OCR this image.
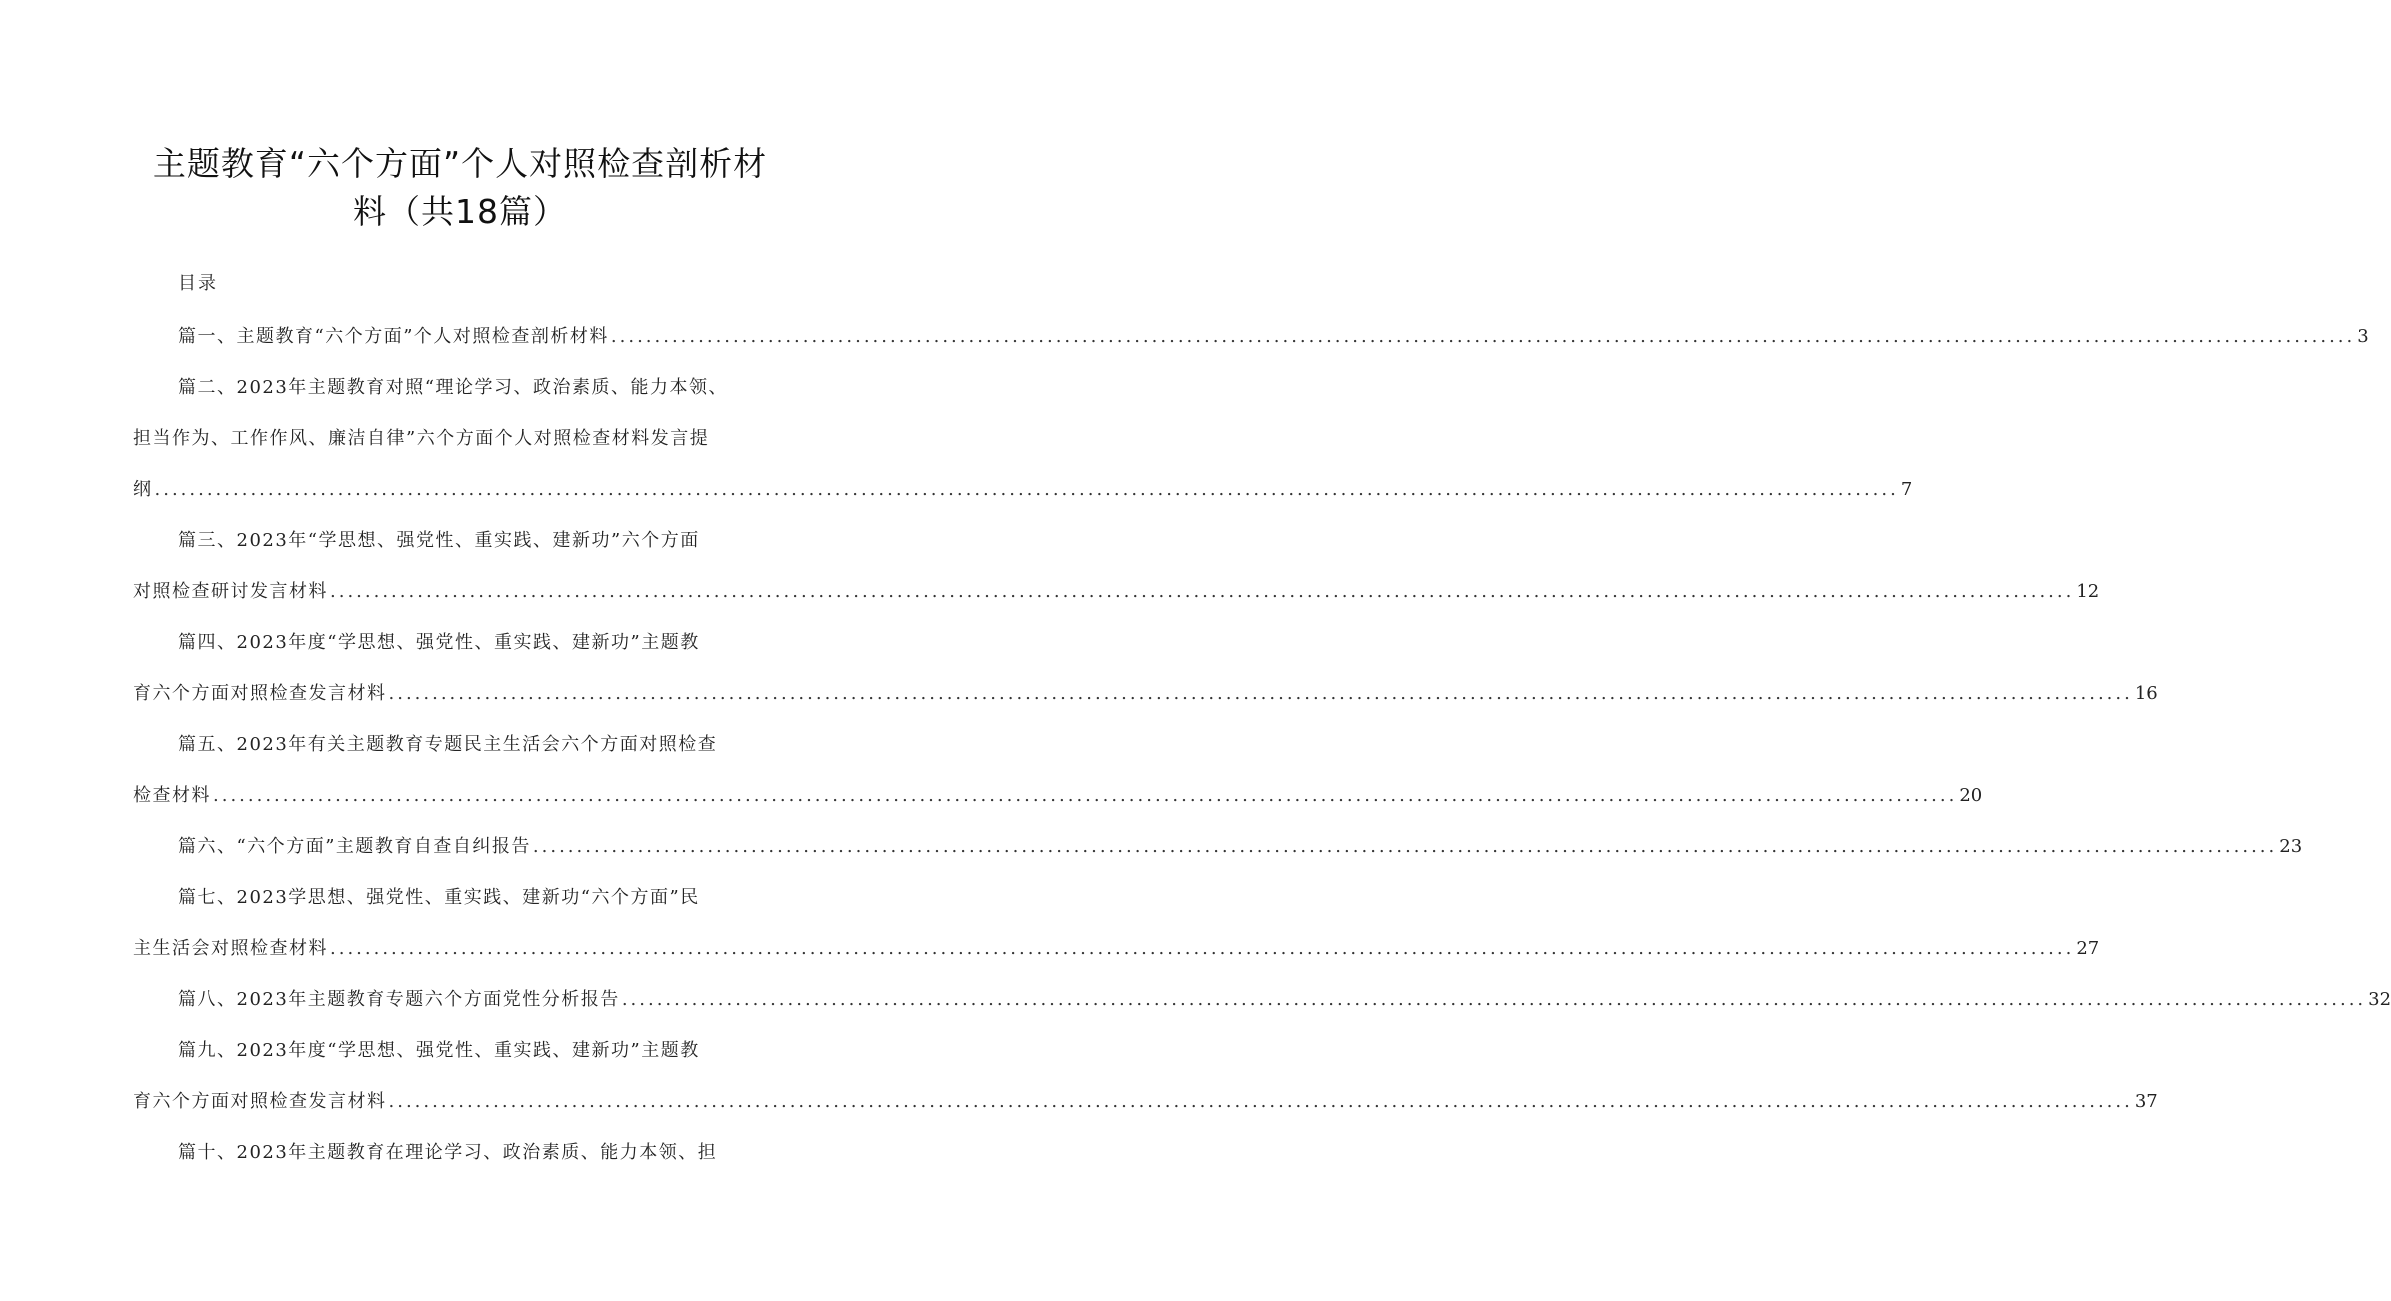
主题教育“六个方面”个人对照检查剖析材
料（共18篇）
目录
篇一、主题教育“六个方面”个人对照检查剖析材料 ........................................................................................................................................................................................................ 3
篇二、2023年主题教育对照“理论学习、政治素质、能力本领、
担当作为、工作作风、廉洁自律”六个方面个人对照检查材料发言提
纲 ........................................................................................................................................................................................................ 7
篇三、2023年“学思想、强党性、重实践、建新功”六个方面
对照检查研讨发言材料 ........................................................................................................................................................................................................ 12
篇四、2023年度“学思想、强党性、重实践、建新功”主题教
育六个方面对照检查发言材料 ........................................................................................................................................................................................................ 16
篇五、2023年有关主题教育专题民主生活会六个方面对照检查
检查材料 ........................................................................................................................................................................................................ 20
篇六、“六个方面”主题教育自查自纠报告 ........................................................................................................................................................................................................ 23
篇七、2023学思想、强党性、重实践、建新功“六个方面”民
主生活会对照检查材料 ........................................................................................................................................................................................................ 27
篇八、2023年主题教育专题六个方面党性分析报告 ........................................................................................................................................................................................................ 32
篇九、2023年度“学思想、强党性、重实践、建新功”主题教
育六个方面对照检查发言材料 ........................................................................................................................................................................................................ 37
篇十、2023年主题教育在理论学习、政治素质、能力本领、担
